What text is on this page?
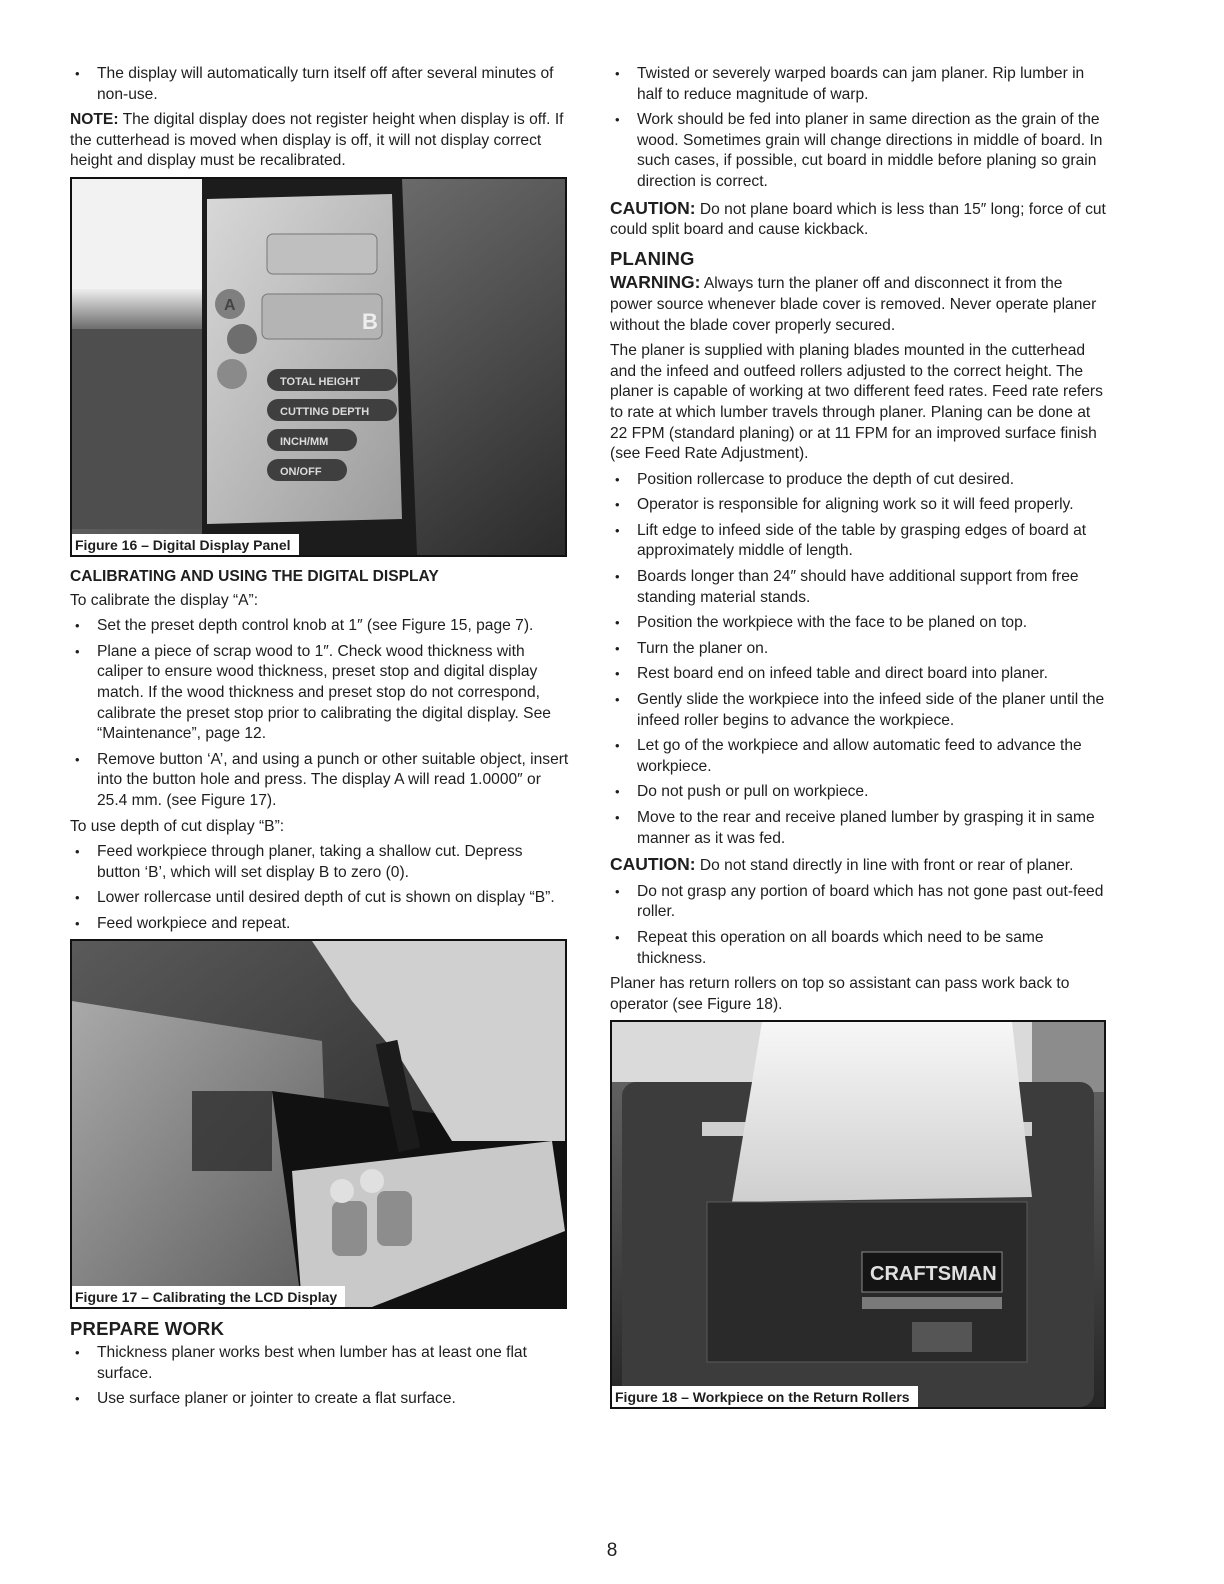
• The display will automatically turn itself off after several minutes of non-use.

NOTE: The digital display does not register height when display is off. If the cutterhead is moved when display is off, it will not display correct height and display must be recalibrated.

A
B
TOTAL HEIGHT
CUTTING DEPTH
INCH/MM
ON/OFF
Figure 16 – Digital Display Panel
CALIBRATING AND USING THE DIGITAL DISPLAY

To calibrate the display “A”:

• Set the preset depth control knob at 1″ (see Figure 15, page 7).
• Plane a piece of scrap wood to 1″. Check wood thickness with caliper to ensure wood thickness, preset stop and digital display match. If the wood thickness and preset stop do not correspond, calibrate the preset stop prior to calibrating the digital display. See “Maintenance”, page 12.
• Remove button ‘A’, and using a punch or other suitable object, insert into the button hole and press. The display A will read 1.0000″ or 25.4 mm. (see Figure 17).

To use depth of cut display “B”:

• Feed workpiece through planer, taking a shallow cut. Depress button ‘B’, which will set display B to zero (0).
• Lower rollercase until desired depth of cut is shown on display “B”.
• Feed workpiece and repeat.
Figure 17 – Calibrating the LCD Display
PREPARE WORK
• Thickness planer works best when lumber has at least one flat surface.
• Use surface planer or jointer to create a flat surface.
• Twisted or severely warped boards can jam planer. Rip lumber in half to reduce magnitude of warp.
• Work should be fed into planer in same direction as the grain of the wood. Sometimes grain will change directions in middle of board. In such cases, if possible, cut board in middle before planing so grain direction is correct.

CAUTION: Do not plane board which is less than 15″ long; force of cut could split board and cause kickback.

PLANING

WARNING: Always turn the planer off and disconnect it from the power source whenever blade cover is removed. Never operate planer without the blade cover properly secured.

The planer is supplied with planing blades mounted in the cutterhead and the infeed and outfeed rollers adjusted to the correct height. The planer is capable of working at two different feed rates. Feed rate refers to rate at which lumber travels through planer. Planing can be done at 22 FPM (standard planing) or at 11 FPM for an improved surface finish (see Feed Rate Adjustment).

• Position rollercase to produce the depth of cut desired.
• Operator is responsible for aligning work so it will feed properly.
• Lift edge to infeed side of the table by grasping edges of board at approximately middle of length.
• Boards longer than 24″ should have additional support from free standing material stands.
• Position the workpiece with the face to be planed on top.
• Turn the planer on.
• Rest board end on infeed table and direct board into planer.
• Gently slide the workpiece into the infeed side of the planer until the infeed roller begins to advance the workpiece.
• Let go of the workpiece and allow automatic feed to advance the workpiece.
• Do not push or pull on workpiece.
• Move to the rear and receive planed lumber by grasping it in same manner as it was fed.

CAUTION: Do not stand directly in line with front or rear of planer.

• Do not grasp any portion of board which has not gone past out-feed roller.
• Repeat this operation on all boards which need to be same thickness.

Planer has return rollers on top so assistant can pass work back to operator (see Figure 18).

CRAFTSMAN
Figure 18 – Workpiece on the Return Rollers
8
